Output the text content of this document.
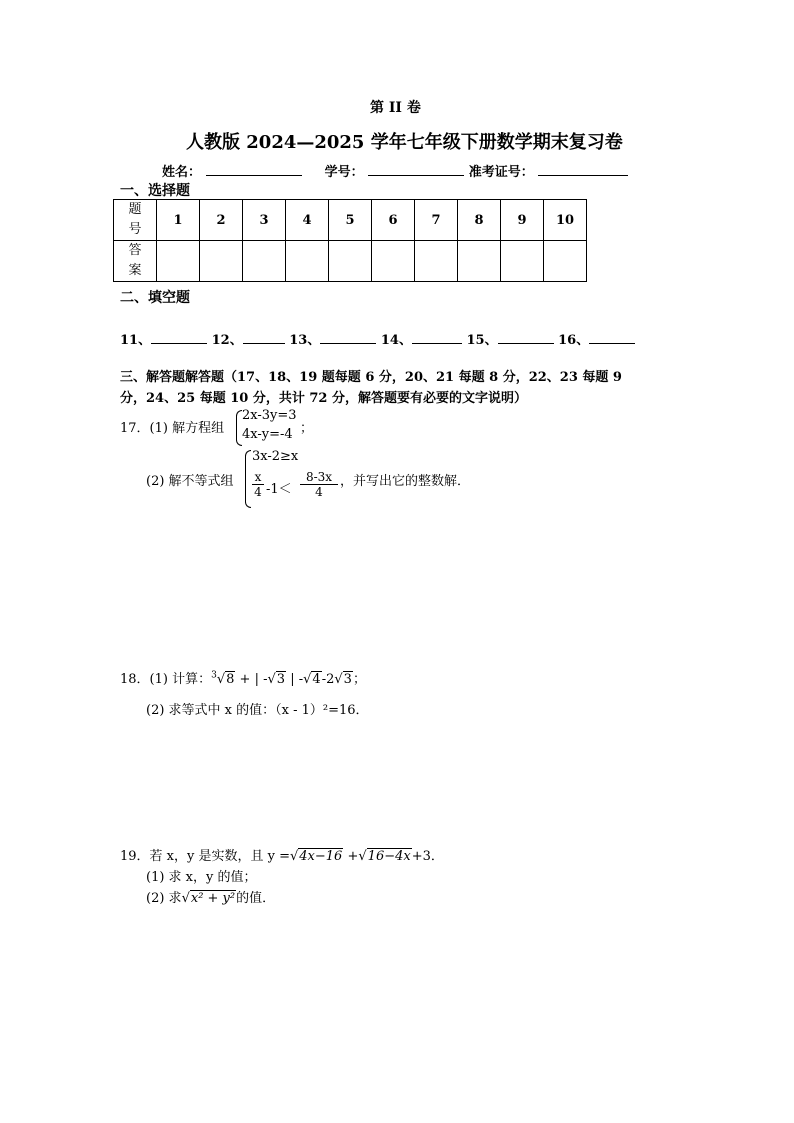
第 II 卷
人教版 2024—2025 学年七年级下册数学期末复习卷
姓名：	学号：	准考证号：
一、选择题
题
号	1	2	3	4	5	6	7	8	9	10

答
案										

二、填空题
11、	12、	13、	14、	15、	16、
三、解答题解答题（17、18、19 题每题 6 分，20、21 每题 8 分，22、23 每题 9
分，24、25 每题 10 分，共计 72 分，解答题要有必要的文字说明）
17．(1) 解方程组
2x-3y=3
4x-y=-4 ；
(2) 解不等式组
3x-2≥x
$\frac{x}{4} -1< \frac{8-3x}{4}$ ，并写出它的整数解．
18．(1) 计算：$^3$√8 + | -√3 | -√4-2√3；
(2) 求等式中 x 的值：（x - 1）²=16．
19．若 x，y 是实数，且 y =√4x−16 +√16−4x+3．
(1) 求 x，y 的值；
(2) 求√x² + y²的值．
